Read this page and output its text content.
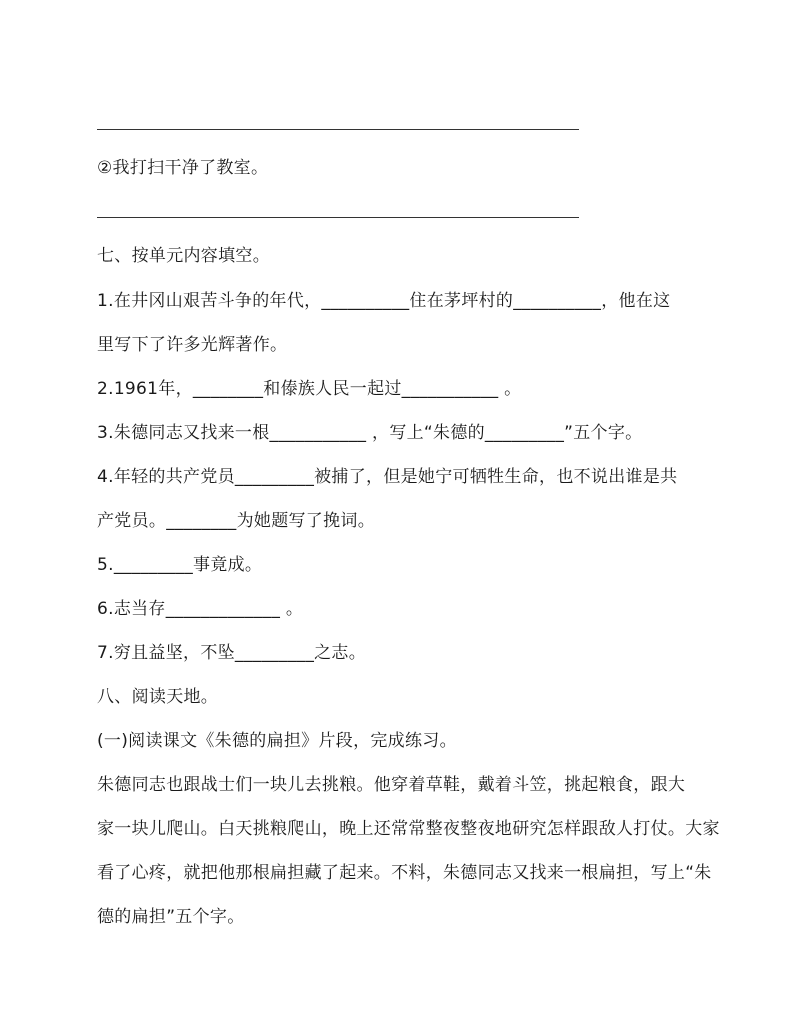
②我打扫干净了教室。
七、按单元内容填空。
1.在井冈山艰苦斗争的年代，__________住在茅坪村的__________，他在这
里写下了许多光辉著作。
2.1961年，________和傣族人民一起过___________ 。
3.朱德同志又找来一根___________ ，写上“朱德的_________”五个字。
4.年轻的共产党员_________被捕了，但是她宁可牺牲生命，也不说出谁是共
产党员。________为她题写了挽词。
5._________事竟成。
6.志当存_____________ 。
7.穷且益坚，不坠_________之志。
八、阅读天地。
(一)阅读课文《朱德的扁担》片段，完成练习。
朱德同志也跟战士们一块儿去挑粮。他穿着草鞋，戴着斗笠，挑起粮食，跟大
家一块儿爬山。白天挑粮爬山，晚上还常常整夜整夜地研究怎样跟敌人打仗。大家
看了心疼，就把他那根扁担藏了起来。不料，朱德同志又找来一根扁担，写上“朱
德的扁担”五个字。
